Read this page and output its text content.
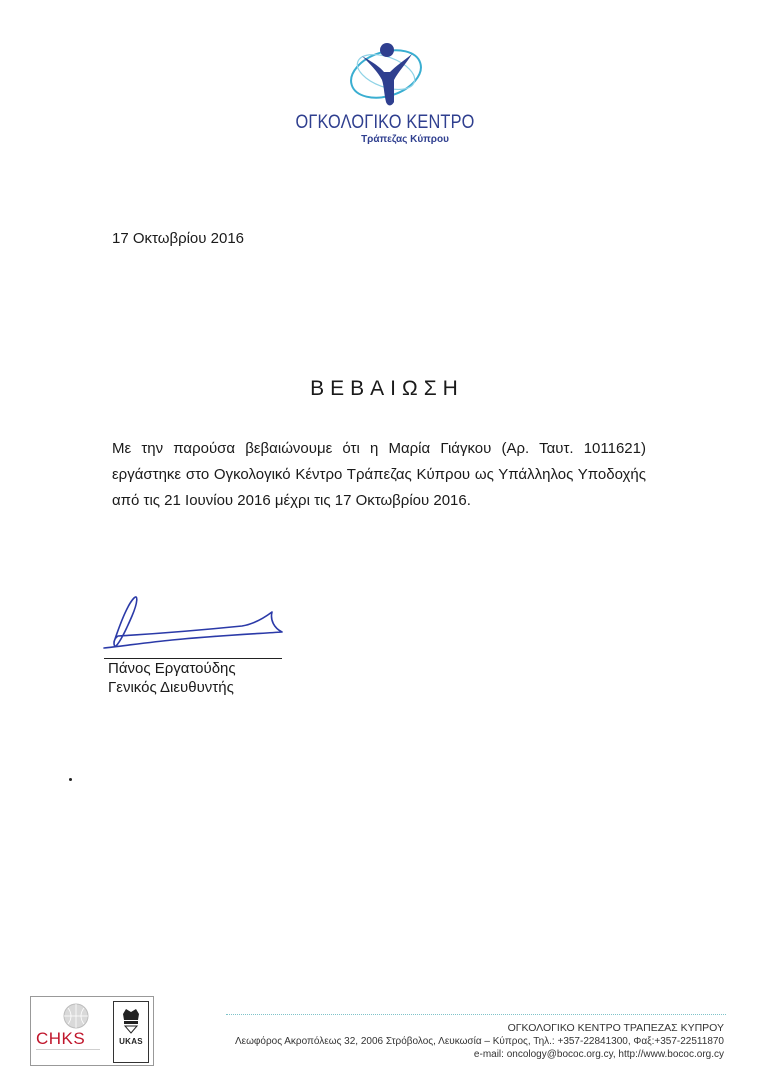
ΟΓΚΟΛΟΓΙΚΟ ΚΕΝΤΡΟ
Τράπεζας Κύπρου
17 Οκτωβρίου 2016
ΒΕΒΑΙΩΣΗ
Με την παρούσα βεβαιώνουμε ότι η Μαρία Γιάγκου (Αρ. Ταυτ. 1011621) εργάστηκε στο Ογκολογικό Κέντρο Τράπεζας Κύπρου ως Υπάλληλος Υποδοχής από τις 21 Ιουνίου 2016 μέχρι τις 17 Οκτωβρίου 2016.
Πάνος Εργατούδης
Γενικός Διευθυντής
CHKS	UKAS
ΟΓΚΟΛΟΓΙΚΟ ΚΕΝΤΡΟ ΤΡΑΠΕΖΑΣ ΚΥΠΡΟΥ
Λεωφόρος Ακροπόλεως 32, 2006 Στρόβολος, Λευκωσία – Κύπρος, Τηλ.: +357-22841300, Φαξ:+357-22511870
e-mail: oncology@bococ.org.cy, http://www.bococ.org.cy
